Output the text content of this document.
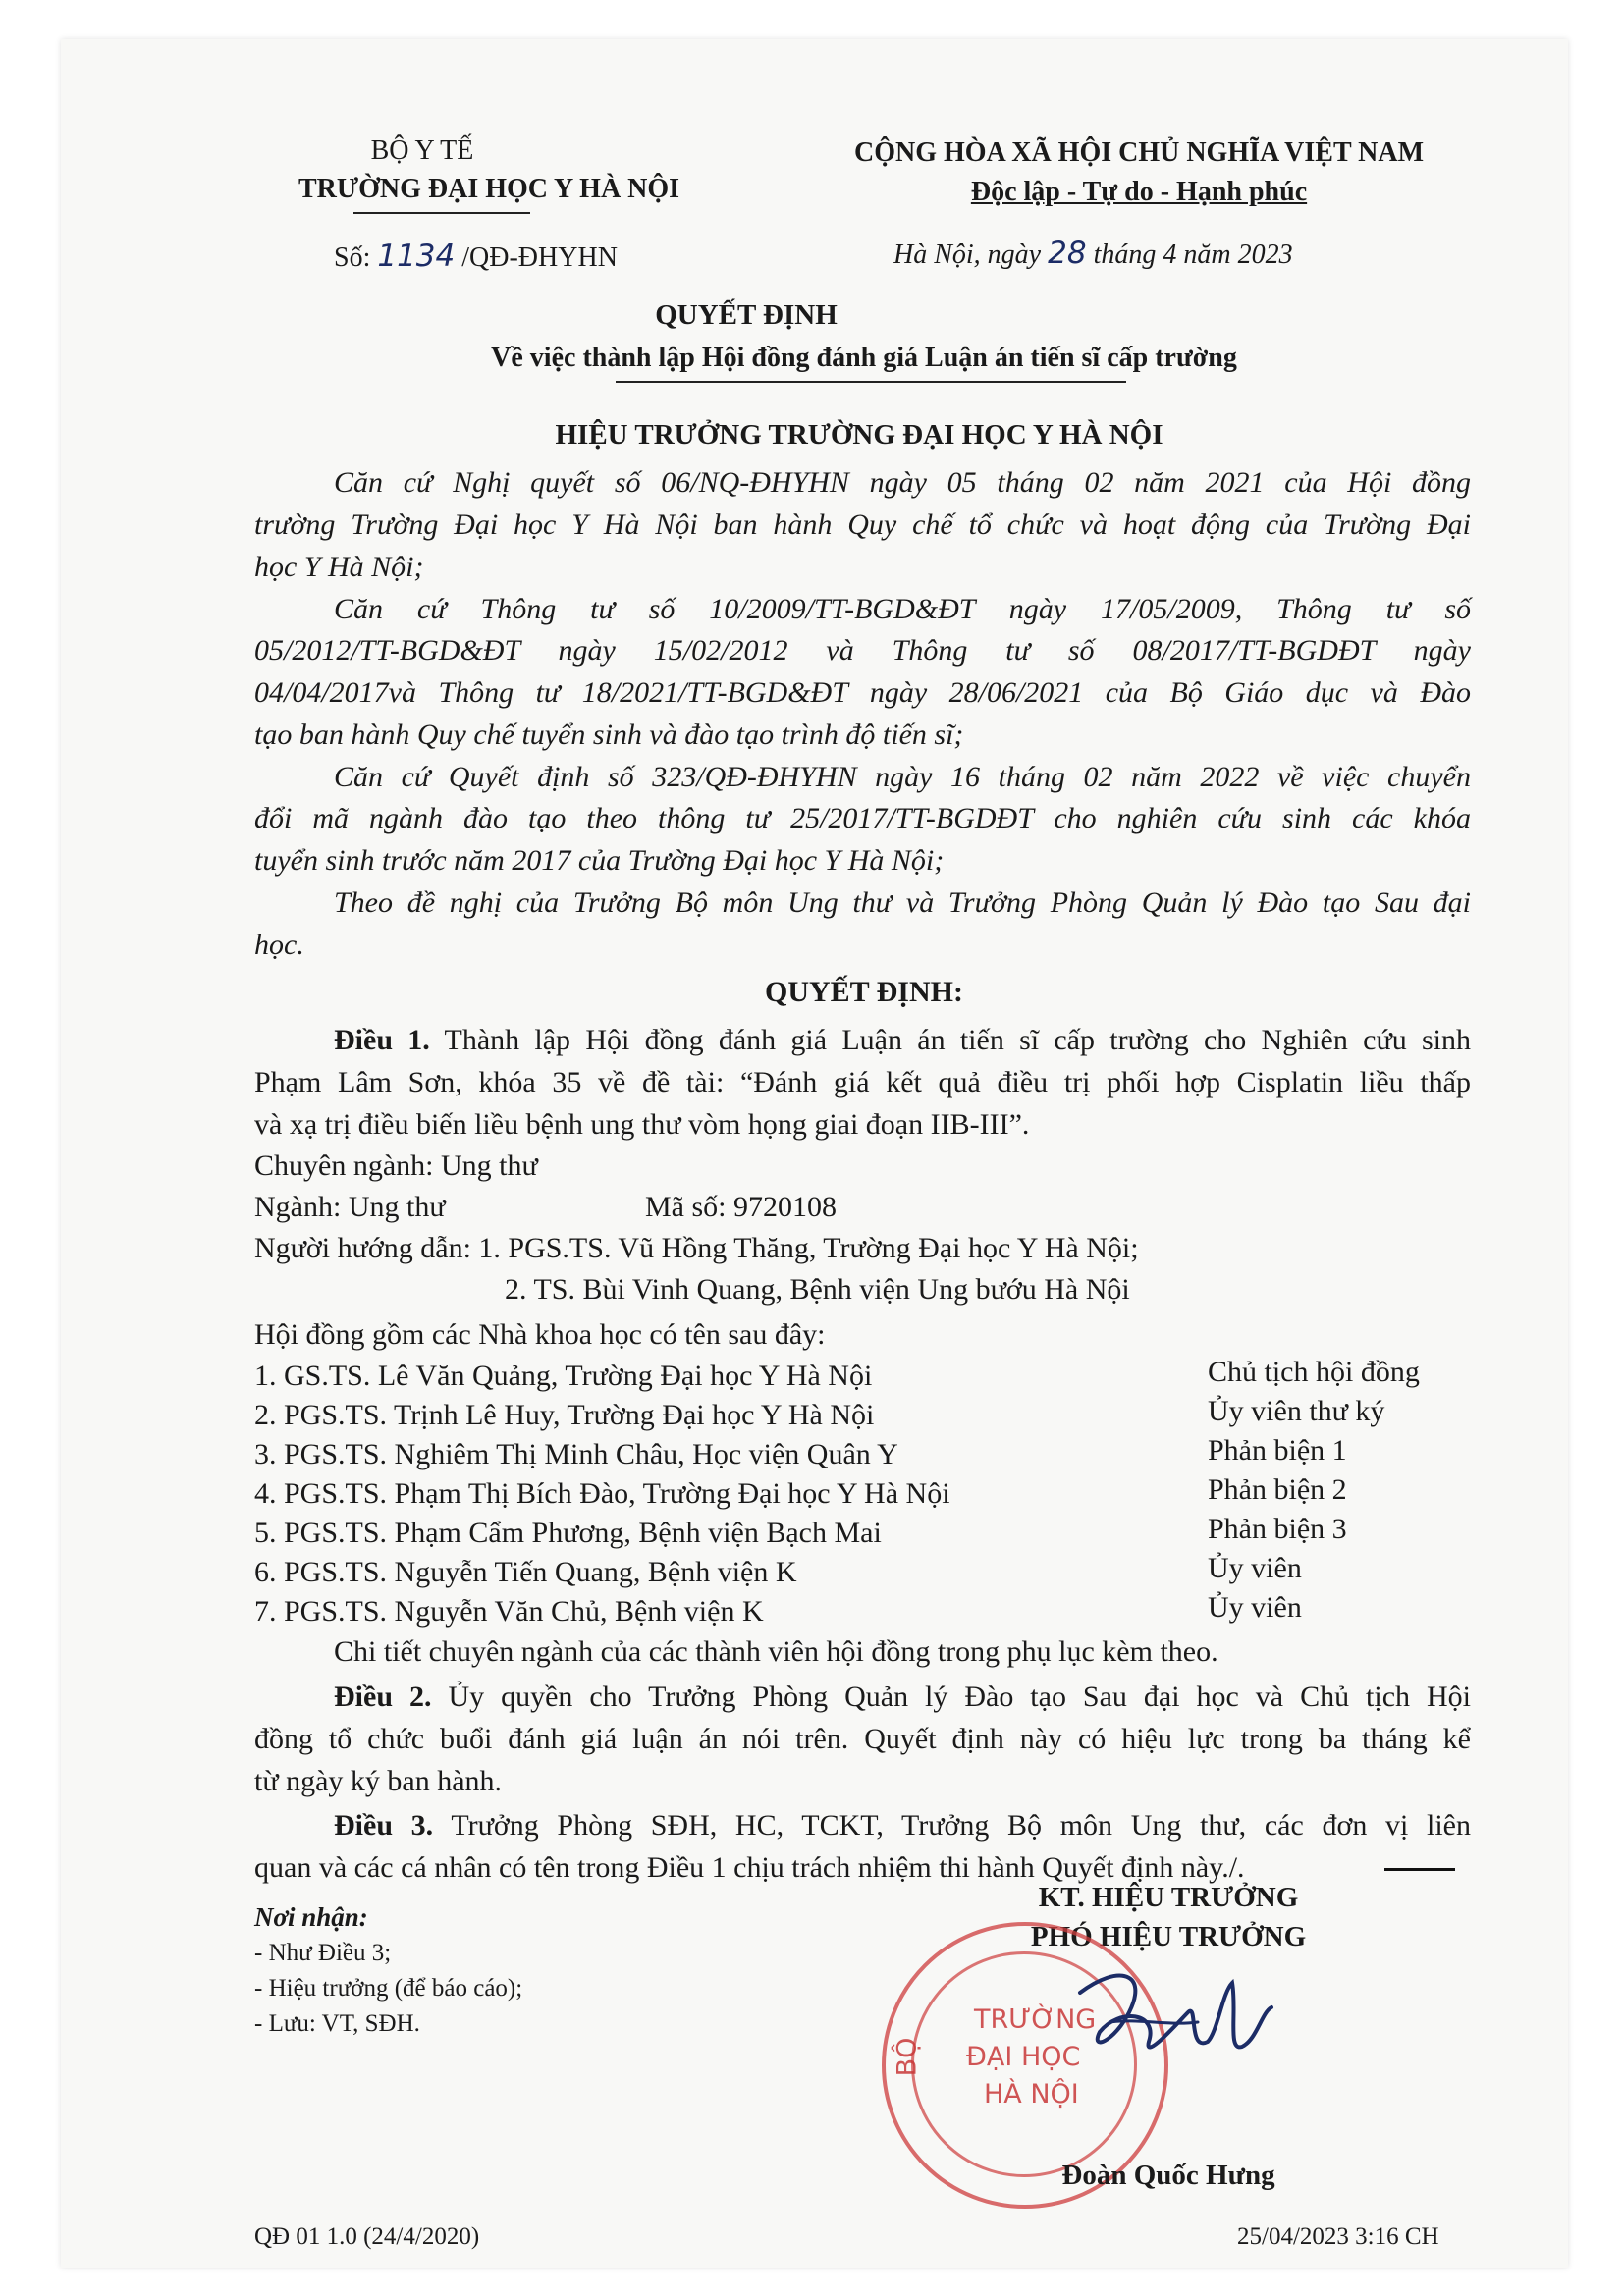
BỘ Y TẾ
TRƯỜNG ĐẠI HỌC Y HÀ NỘI
Số: 1134 /QĐ-ĐHYHN
CỘNG HÒA XÃ HỘI CHỦ NGHĨA VIỆT NAM
Độc lập - Tự do - Hạnh phúc
Hà Nội, ngày 28 tháng 4 năm 2023
QUYẾT ĐỊNH
Về việc thành lập Hội đồng đánh giá Luận án tiến sĩ cấp trường
HIỆU TRƯỞNG TRƯỜNG ĐẠI HỌC Y HÀ NỘI
Căn cứ Nghị quyết số 06/NQ-ĐHYHN ngày 05 tháng 02 năm 2021 của Hội đồng
trường Trường Đại học Y Hà Nội ban hành Quy chế tổ chức và hoạt động của Trường Đại
học Y Hà Nội;
Căn cứ Thông tư số 10/2009/TT-BGD&ĐT ngày 17/05/2009, Thông tư số
05/2012/TT-BGD&ĐT ngày 15/02/2012 và Thông tư số 08/2017/TT-BGDĐT ngày
04/04/2017và Thông tư 18/2021/TT-BGD&ĐT ngày 28/06/2021 của Bộ Giáo dục và Đào
tạo ban hành Quy chế tuyển sinh và đào tạo trình độ tiến sĩ;
Căn cứ Quyết định số 323/QĐ-ĐHYHN ngày 16 tháng 02 năm 2022 về việc chuyển
đổi mã ngành đào tạo theo thông tư 25/2017/TT-BGDĐT cho nghiên cứu sinh các khóa
tuyển sinh trước năm 2017 của Trường Đại học Y Hà Nội;
Theo đề nghị của Trưởng Bộ môn Ung thư và Trưởng Phòng Quản lý Đào tạo Sau đại
học.
QUYẾT ĐỊNH:
Điều 1. Thành lập Hội đồng đánh giá Luận án tiến sĩ cấp trường cho Nghiên cứu sinh
Phạm Lâm Sơn, khóa 35 về đề tài: “Đánh giá kết quả điều trị phối hợp Cisplatin liều thấp
và xạ trị điều biến liều bệnh ung thư vòm họng giai đoạn IIB-III”.
Chuyên ngành: Ung thư
Ngành: Ung thư	Mã số: 9720108
Người hướng dẫn: 1. PGS.TS. Vũ Hồng Thăng, Trường Đại học Y Hà Nội;
2. TS. Bùi Vinh Quang, Bệnh viện Ung bướu Hà Nội
Hội đồng gồm các Nhà khoa học có tên sau đây:
1. GS.TS. Lê Văn Quảng, Trường Đại học Y Hà Nội	Chủ tịch hội đồng
2. PGS.TS. Trịnh Lê Huy, Trường Đại học Y Hà Nội	Ủy viên thư ký
3. PGS.TS. Nghiêm Thị Minh Châu, Học viện Quân Y	Phản biện 1
4. PGS.TS. Phạm Thị Bích Đào, Trường Đại học Y Hà Nội	Phản biện 2
5. PGS.TS. Phạm Cẩm Phương, Bệnh viện Bạch Mai	Phản biện 3
6. PGS.TS. Nguyễn Tiến Quang, Bệnh viện K	Ủy viên
7. PGS.TS. Nguyễn Văn Chủ, Bệnh viện K	Ủy viên
Chi tiết chuyên ngành của các thành viên hội đồng trong phụ lục kèm theo.
Điều 2. Ủy quyền cho Trưởng Phòng Quản lý Đào tạo Sau đại học và Chủ tịch Hội
đồng tổ chức buổi đánh giá luận án nói trên. Quyết định này có hiệu lực trong ba tháng kể
từ ngày ký ban hành.
Điều 3. Trưởng Phòng SĐH, HC, TCKT, Trưởng Bộ môn Ung thư, các đơn vị liên
quan và các cá nhân có tên trong Điều 1 chịu trách nhiệm thi hành Quyết định này./.
Nơi nhận:
- Như Điều 3;
- Hiệu trưởng (để báo cáo);
- Lưu: VT, SĐH.
KT. HIỆU TRƯỞNG
PHÓ HIỆU TRƯỞNG
TRƯỜNG
ĐẠI HỌC
HÀ NỘI
BỘ
Đoàn Quốc Hưng
QĐ 01 1.0 (24/4/2020)	25/04/2023 3:16 CH
